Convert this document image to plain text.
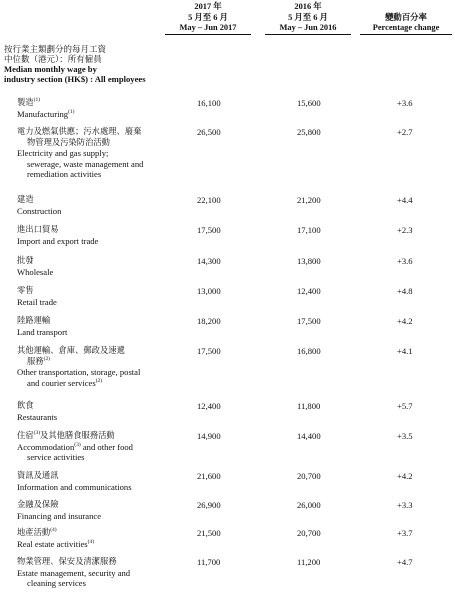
2017 年
5 月至 6 月
May – Jun 2017
2016 年
5 月至 6 月
May – Jun 2016
變動百分率
Percentage change
按行業主類劃分的每月工資
中位數（港元）：所有僱員
Median monthly wage by
industry section (HK$) : All employees
製造$^{(1)}$
Manufacturing$^{(1)}$
16,100	15,600	+3.6
電力及燃氣供應；污水處理、廢棄
物管理及污染防治活動
Electricity and gas supply;
sewerage, waste management and
remediation activities
26,500	25,800	+2.7
建造
Construction
22,100	21,200	+4.4
進出口貿易
Import and export trade
17,500	17,100	+2.3
批發
Wholesale
14,300	13,800	+3.6
零售
Retail trade
13,000	12,400	+4.8
陸路運輸
Land transport
18,200	17,500	+4.2
其他運輸、倉庫、郵政及速遞
服務$^{(2)}$
Other transportation, storage, postal
and courier services$^{(2)}$
17,500	16,800	+4.1
飲食
Restaurants
12,400	11,800	+5.7
住宿$^{(3)}$及其他膳食服務活動
Accommodation$^{(3)}$ and other food
service activities
14,900	14,400	+3.5
資訊及通訊
Information and communications
21,600	20,700	+4.2
金融及保險
Financing and insurance
26,900	26,000	+3.3
地產活動$^{(4)}$
Real estate activities$^{(4)}$
21,500	20,700	+3.7
物業管理、保安及清潔服務
Estate management, security and
cleaning services
11,700	11,200	+4.7
